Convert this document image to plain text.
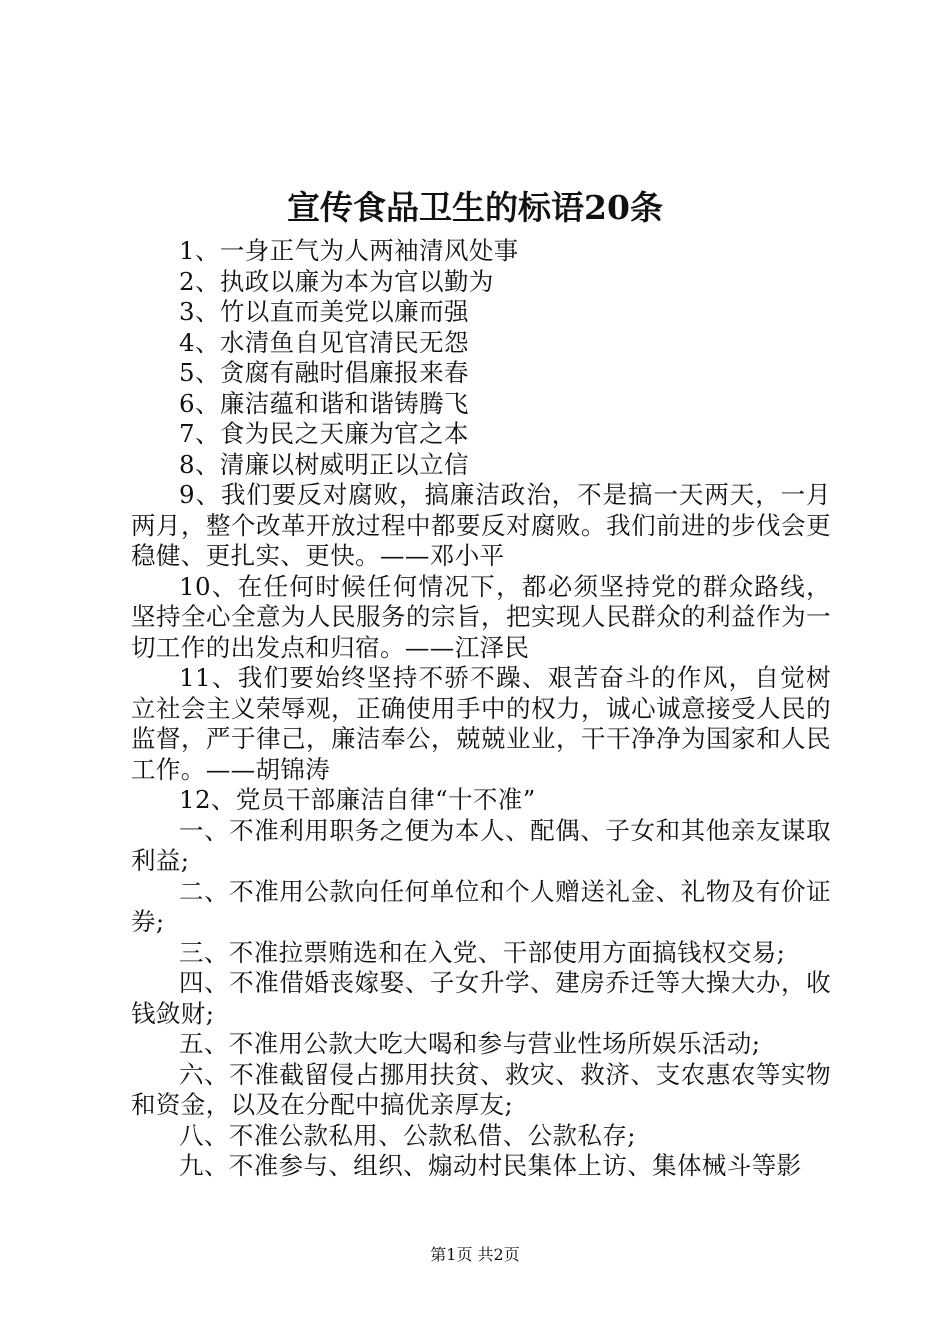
宣传食品卫生的标语20条

1、一身正气为人两袖清风处事

2、执政以廉为本为官以勤为

3、竹以直而美党以廉而强

4、水清鱼自见官清民无怨

5、贪腐有融时倡廉报来春

6、廉洁蕴和谐和谐铸腾飞

7、食为民之天廉为官之本

8、清廉以树威明正以立信

9、我们要反对腐败，搞廉洁政治，不是搞一天两天，一月两月，整个改革开放过程中都要反对腐败。我们前进的步伐会更稳健、更扎实、更快。——邓小平

10、在任何时候任何情况下，都必须坚持党的群众路线，坚持全心全意为人民服务的宗旨，把实现人民群众的利益作为一切工作的出发点和归宿。——江泽民

11、我们要始终坚持不骄不躁、艰苦奋斗的作风，自觉树立社会主义荣辱观，正确使用手中的权力，诚心诚意接受人民的监督，严于律己，廉洁奉公，兢兢业业，干干净净为国家和人民工作。——胡锦涛

12、党员干部廉洁自律“十不准”

一、不准利用职务之便为本人、配偶、子女和其他亲友谋取利益;

二、不准用公款向任何单位和个人赠送礼金、礼物及有价证券;

三、不准拉票贿选和在入党、干部使用方面搞钱权交易;

四、不准借婚丧嫁娶、子女升学、建房乔迁等大操大办，收钱敛财;

五、不准用公款大吃大喝和参与营业性场所娱乐活动;

六、不准截留侵占挪用扶贫、救灾、救济、支农惠农等实物和资金，以及在分配中搞优亲厚友;

八、不准公款私用、公款私借、公款私存;

九、不准参与、组织、煽动村民集体上访、集体械斗等影

第1页 共2页
